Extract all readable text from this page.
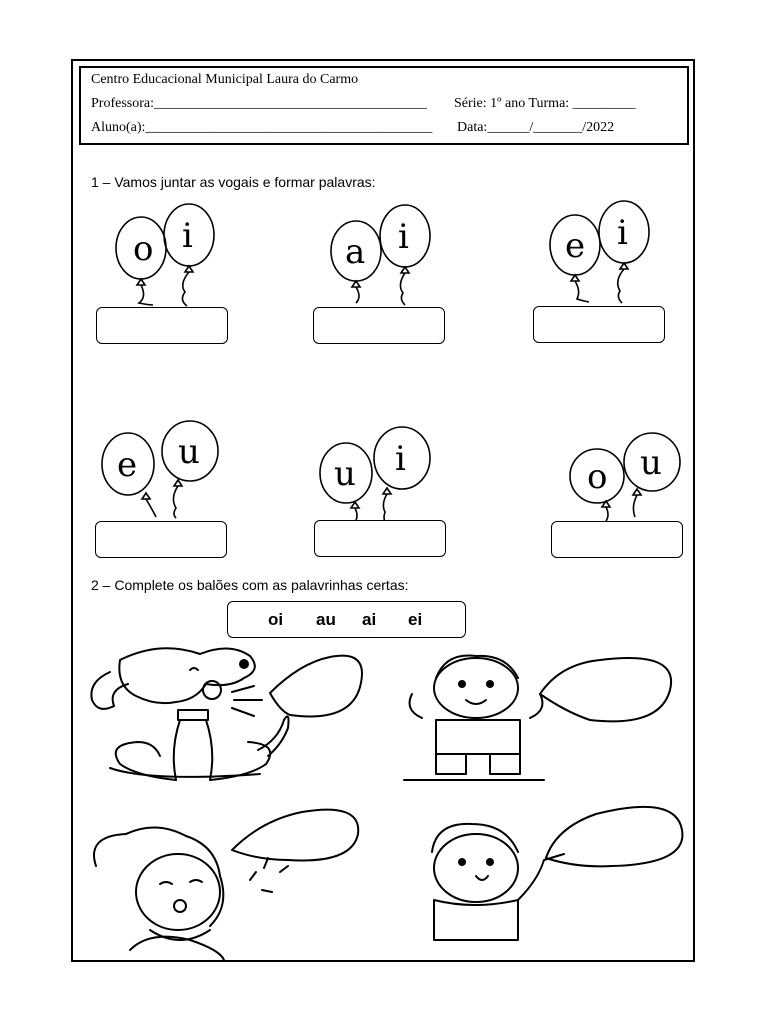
Centro Educacional Municipal Laura do Carmo
Professora:_______________________________________ Série: 1º ano Turma: _________
Aluno(a):_________________________________________ Data:______/_______/2022
1 – Vamos juntar as vogais e formar palavras:
o i	a i	e i
e u
u i	o u
2 – Complete os balões com as palavrinhas certas:
oi au ai ei
